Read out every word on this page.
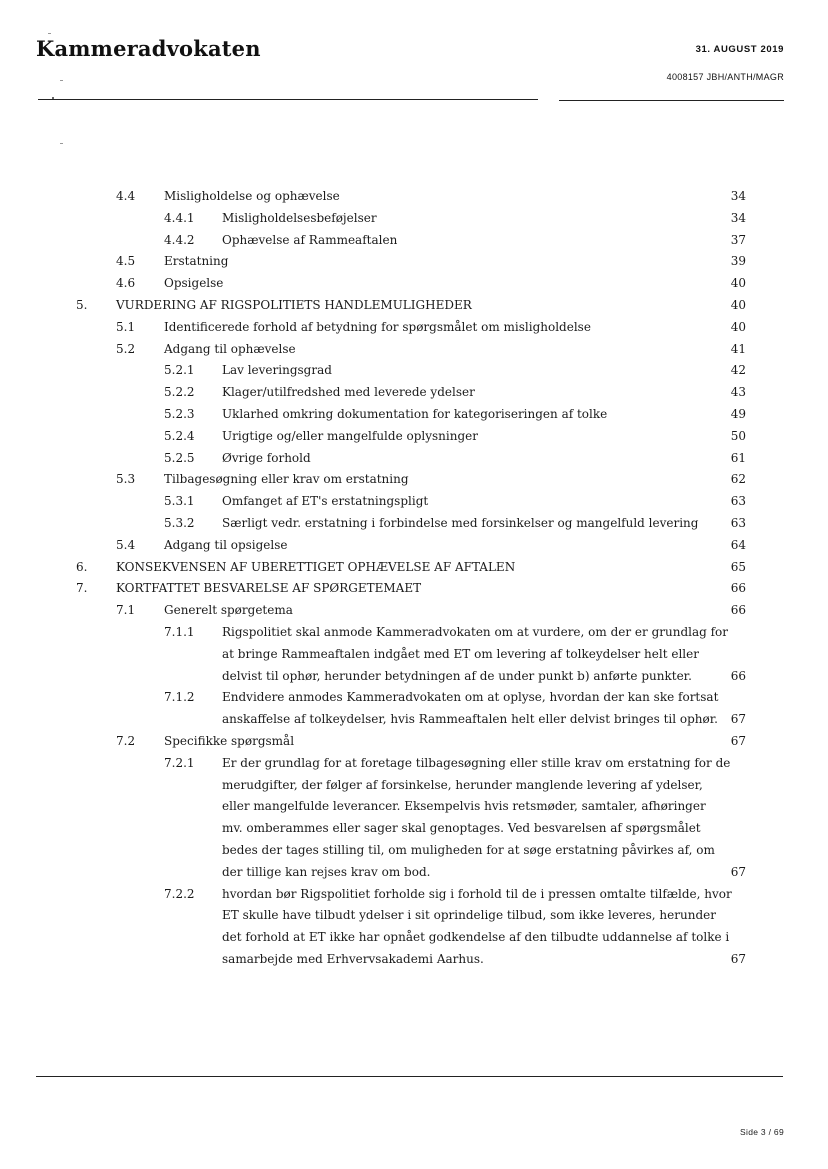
Kammeradvokaten	31. AUGUST 2019
4008157 JBH/ANTH/MAGR
4.4 Misligholdelse og ophævelse	34
4.4.1 Misligholdelsesbeføjelser	34
4.4.2 Ophævelse af Rammeaftalen	37
4.5 Erstatning	39
4.6 Opsigelse	40
5. VURDERING AF RIGSPOLITIETS HANDLEMULIGHEDER	40
5.1 Identificerede forhold af betydning for spørgsmålet om misligholdelse	40
5.2 Adgang til ophævelse	41
5.2.1 Lav leveringsgrad	42
5.2.2 Klager/utilfredshed med leverede ydelser	43
5.2.3 Uklarhed omkring dokumentation for kategoriseringen af tolke	49
5.2.4 Urigtige og/eller mangelfulde oplysninger	50
5.2.5 Øvrige forhold	61
5.3 Tilbagesøgning eller krav om erstatning	62
5.3.1 Omfanget af ET's erstatningspligt	63
5.3.2 Særligt vedr. erstatning i forbindelse med forsinkelser og mangelfuld levering	63
5.4 Adgang til opsigelse	64
6. KONSEKVENSEN AF UBERETTIGET OPHÆVELSE AF AFTALEN	65
7. KORTFATTET BESVARELSE AF SPØRGETEMAET	66
7.1 Generelt spørgetema	66
7.1.1 Rigspolitiet skal anmode Kammeradvokaten om at vurdere, om der er grundlag for
at bringe Rammeaftalen indgået med ET om levering af tolkeydelser helt eller
delvist til ophør, herunder betydningen af de under punkt b) anførte punkter.	66
7.1.2 Endvidere anmodes Kammeradvokaten om at oplyse, hvordan der kan ske fortsat
anskaffelse af tolkeydelser, hvis Rammeaftalen helt eller delvist bringes til ophør. 67
7.2 Specifikke spørgsmål	67
7.2.1 Er der grundlag for at foretage tilbagesøgning eller stille krav om erstatning for de
merudgifter, der følger af forsinkelse, herunder manglende levering af ydelser,
eller mangelfulde leverancer. Eksempelvis hvis retsmøder, samtaler, afhøringer
mv. omberammes eller sager skal genoptages. Ved besvarelsen af spørgsmålet
bedes der tages stilling til, om muligheden for at søge erstatning påvirkes af, om
der tillige kan rejses krav om bod.	67
7.2.2 hvordan bør Rigspolitiet forholde sig i forhold til de i pressen omtalte tilfælde, hvor
ET skulle have tilbudt ydelser i sit oprindelige tilbud, som ikke leveres, herunder
det forhold at ET ikke har opnået godkendelse af den tilbudte uddannelse af tolke i
samarbejde med Erhvervsakademi Aarhus.	67
Side 3 / 69
